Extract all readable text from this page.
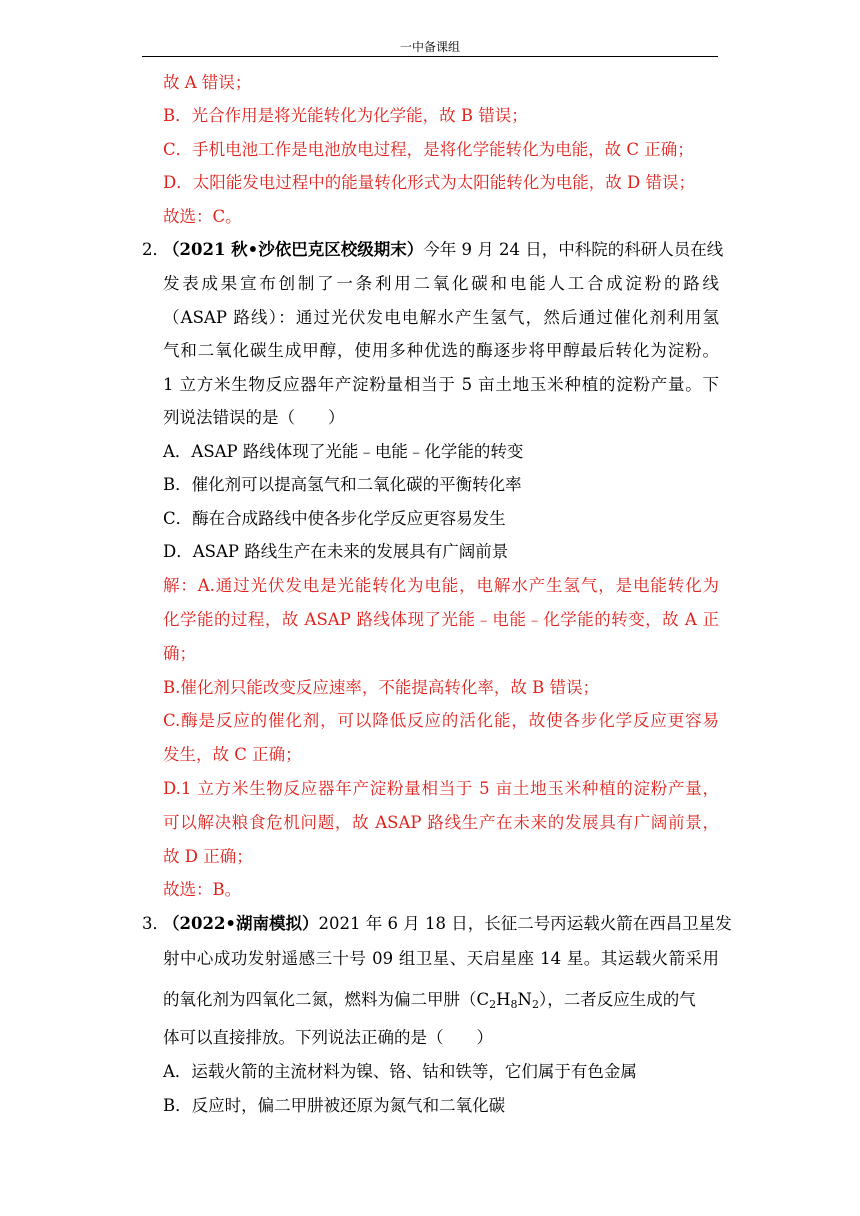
一中备课组
故 A 错误；
B．光合作用是将光能转化为化学能，故 B 错误；
C．手机电池工作是电池放电过程，是将化学能转化为电能，故 C 正确；
D．太阳能发电过程中的能量转化形式为太阳能转化为电能，故 D 错误；
故选：C。
2．
（2021 秋•沙依巴克区校级期末）今年 9 月 24 日，中科院的科研人员在线
发表成果宣布创制了一条利用二氧化碳和电能人工合成淀粉的路线
（ASAP 路线）：通过光伏发电电解水产生氢气，然后通过催化剂利用氢
气和二氧化碳生成甲醇，使用多种优选的酶逐步将甲醇最后转化为淀粉。
1 立方米生物反应器年产淀粉量相当于 5 亩土地玉米种植的淀粉产量。下
列说法错误的是（　　）
A．ASAP 路线体现了光能﹣电能﹣化学能的转变
B．催化剂可以提高氢气和二氧化碳的平衡转化率
C．酶在合成路线中使各步化学反应更容易发生
D．ASAP 路线生产在未来的发展具有广阔前景
解：A.通过光伏发电是光能转化为电能，电解水产生氢气，是电能转化为
化学能的过程，故 ASAP 路线体现了光能﹣电能﹣化学能的转变，故 A 正
确；
B.催化剂只能改变反应速率，不能提高转化率，故 B 错误；
C.酶是反应的催化剂，可以降低反应的活化能，故使各步化学反应更容易
发生，故 C 正确；
D.1 立方米生物反应器年产淀粉量相当于 5 亩土地玉米种植的淀粉产量，
可以解决粮食危机问题，故 ASAP 路线生产在未来的发展具有广阔前景，
故 D 正确；
故选：B。
3．
（2022•湖南模拟）2021 年 6 月 18 日，长征二号丙运载火箭在西昌卫星发
射中心成功发射遥感三十号 09 组卫星、天启星座 14 星。其运载火箭采用
的氧化剂为四氧化二氮，燃料为偏二甲肼$(C_2H_8N_2)$，二者反应生成的气
体可以直接排放。下列说法正确的是（　　）
A．运载火箭的主流材料为镍、铬、钴和铁等，它们属于有色金属
B．反应时，偏二甲肼被还原为氮气和二氧化碳
